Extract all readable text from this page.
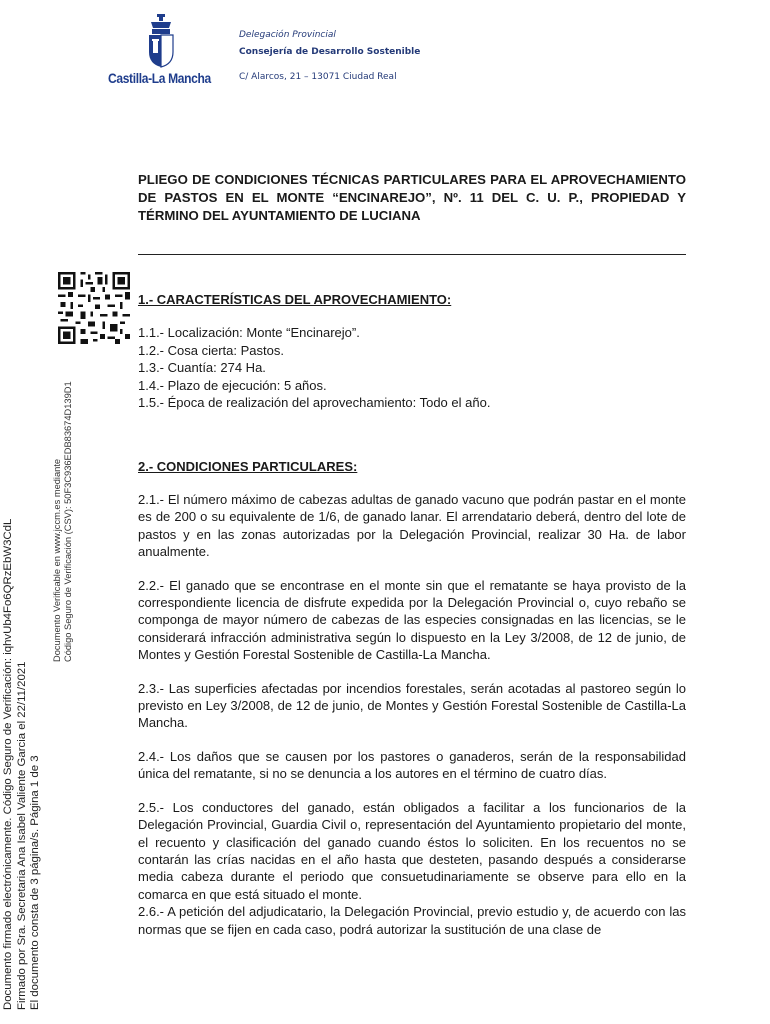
Castilla-La Mancha
Delegación Provincial
Consejería de Desarrollo Sostenible
C/ Alarcos, 21 – 13071 Ciudad Real

PLIEGO DE CONDICIONES TÉCNICAS PARTICULARES PARA EL APROVECHAMIENTO DE PASTOS EN EL MONTE “ENCINAREJO”, Nº. 11 DEL C. U. P., PROPIEDAD Y TÉRMINO DEL AYUNTAMIENTO DE LUCIANA

Documento Verificable en www.jccm.es mediante Código Seguro de Verificación (CSV): 50F3C936EDB83674D139D1
Documento firmado electrónicamente. Código Seguro de Verificación: iqhvUb4Fo6QRzEbW3CdL Firmado por Sra. Secretaria Ana Isabel Valiente Garcia el 22/11/2021 El documento consta de 3 página/s. Página 1 de 3
1.- CARACTERÍSTICAS DEL APROVECHAMIENTO:
1.1.- Localización: Monte “Encinarejo”.
1.2.- Cosa cierta: Pastos.
1.3.- Cuantía: 274 Ha.
1.4.- Plazo de ejecución: 5 años.
1.5.- Época de realización del aprovechamiento: Todo el año.
2.- CONDICIONES PARTICULARES:

2.1.- El número máximo de cabezas adultas de ganado vacuno que podrán pastar en el monte es de 200 o su equivalente de 1/6, de ganado lanar. El arrendatario deberá, dentro del lote de pastos y en las zonas autorizadas por la Delegación Provincial, realizar 30 Ha. de labor anualmente.

2.2.- El ganado que se encontrase en el monte sin que el rematante se haya provisto de la correspondiente licencia de disfrute expedida por la Delegación Provincial o, cuyo rebaño se componga de mayor número de cabezas de las especies consignadas en las licencias, se le considerará infracción administrativa según lo dispuesto en la Ley 3/2008, de 12 de junio, de Montes y Gestión Forestal Sostenible de Castilla-La Mancha.

2.3.- Las superficies afectadas por incendios forestales, serán acotadas al pastoreo según lo previsto en Ley 3/2008, de 12 de junio, de Montes y Gestión Forestal Sostenible de Castilla-La Mancha.

2.4.- Los daños que se causen por los pastores o ganaderos, serán de la responsabilidad única del rematante, si no se denuncia a los autores en el término de cuatro días.

2.5.- Los conductores del ganado, están obligados a facilitar a los funcionarios de la Delegación Provincial, Guardia Civil o, representación del Ayuntamiento propietario del monte, el recuento y clasificación del ganado cuando éstos lo soliciten. En los recuentos no se contarán las crías nacidas en el año hasta que desteten, pasando después a considerarse media cabeza durante el periodo que consuetudinariamente se observe para ello en la comarca en que está situado el monte.

2.6.- A petición del adjudicatario, la Delegación Provincial, previo estudio y, de acuerdo con las normas que se fijen en cada caso, podrá autorizar la sustitución de una clase de
